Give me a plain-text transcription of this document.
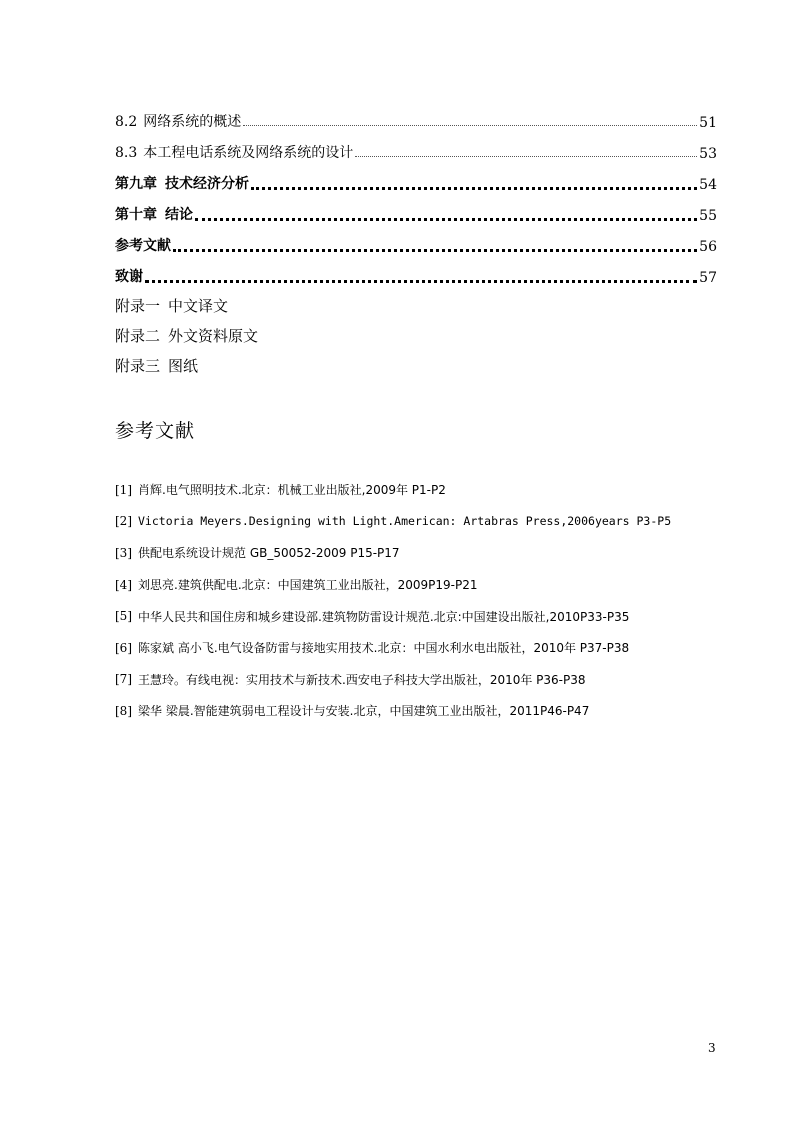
8.2 网络系统的概述	51
8.3 本工程电话系统及网络系统的设计	53
第九章 技术经济分析	54
第十章 结论	55
参考文献	56
致谢	57
附录一 中文译文
附录二 外文资料原文
附录三 图纸
参考文献
[1] 肖辉.电气照明技术.北京：机械工业出版社,2009年 P1-P2
[2] Victoria Meyers.Designing with Light.American: Artabras Press,2006years P3-P5
[3] 供配电系统设计规范 GB_50052-2009 P15-P17
[4] 刘思亮.建筑供配电.北京：中国建筑工业出版社，2009P19-P21
[5] 中华人民共和国住房和城乡建设部.建筑物防雷设计规范.北京:中国建设出版社,2010P33-P35
[6] 陈家斌 高小飞.电气设备防雷与接地实用技术.北京：中国水利水电出版社，2010年 P37-P38
[7] 王慧玲。有线电视：实用技术与新技术.西安电子科技大学出版社，2010年 P36-P38
[8] 梁华 梁晨.智能建筑弱电工程设计与安装.北京，中国建筑工业出版社，2011P46-P47
3
